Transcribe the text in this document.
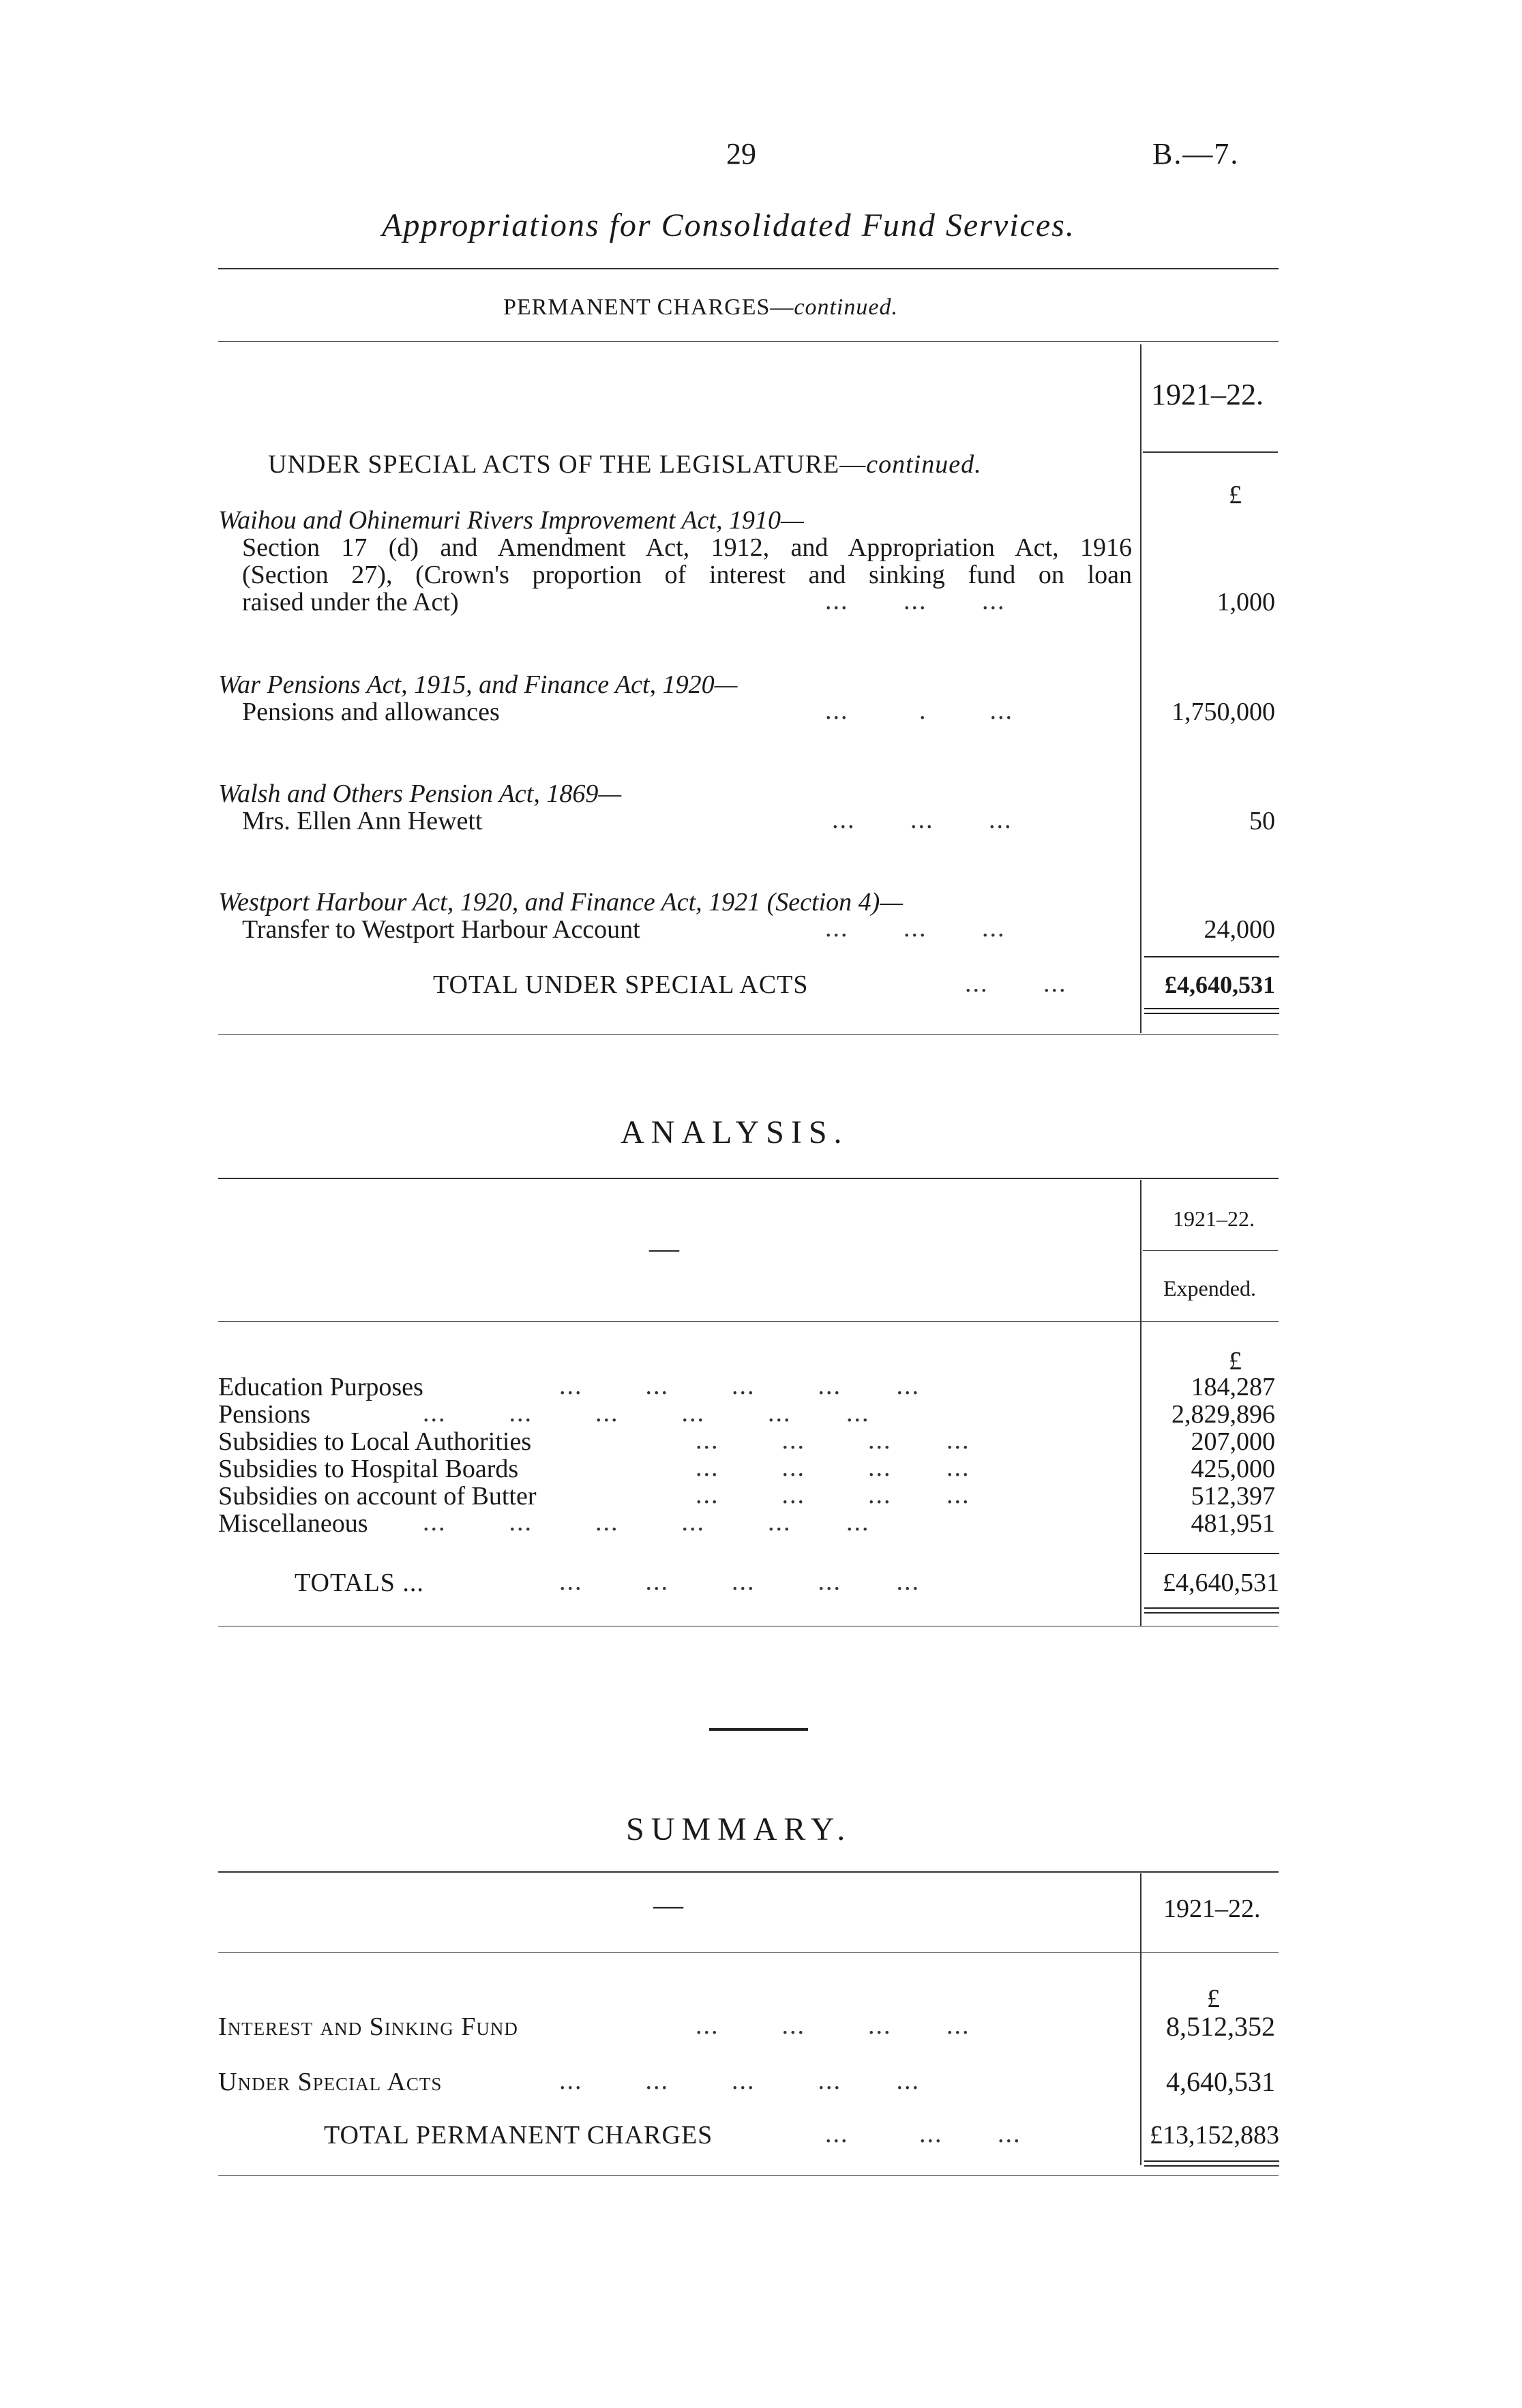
29	B.—7.
Appropriations for Consolidated Fund Services.
PERMANENT CHARGES—continued.
1921–22.
UNDER SPECIAL ACTS OF THE LEGISLATURE—continued.
£
Waihou and Ohinemuri Rivers Improvement Act, 1910—
Section 17 (d) and Amendment Act, 1912, and Appropriation Act, 1916
(Section 27), (Crown's proportion of interest and sinking fund on loan
raised under the Act)	...       ...       ...	1,000
War Pensions Act, 1915, and Finance Act, 1920—
Pensions and allowances	...         .        ...	1,750,000
Walsh and Others Pension Act, 1869—
Mrs. Ellen Ann Hewett	...       ...       ...	50
Westport Harbour Act, 1920, and Finance Act, 1921 (Section 4)—
Transfer to Westport Harbour Account	...       ...       ...	24,000
TOTAL UNDER SPECIAL ACTS	...       ...	£4,640,531
ANALYSIS.
—
1921–22.
Expended.
£
Education Purposes	...        ...        ...        ...       ...	184,287
Pensions	...        ...        ...        ...        ...       ...	2,829,896
Subsidies to Local Authorities	...        ...        ...       ...	207,000
Subsidies to Hospital Boards	...        ...        ...       ...	425,000
Subsidies on account of Butter	...        ...        ...       ...	512,397
Miscellaneous ...        ...        ...        ...        ...       ...	481,951
TOTALS ...	...        ...        ...        ...       ...	£4,640,531
SUMMARY.
—	1921–22.
£
Interest and Sinking Fund	...        ...        ...       ...	8,512,352
Under Special Acts	...        ...        ...        ...       ...	4,640,531
TOTAL PERMANENT CHARGES	...         ...       ...	£13,152,883
